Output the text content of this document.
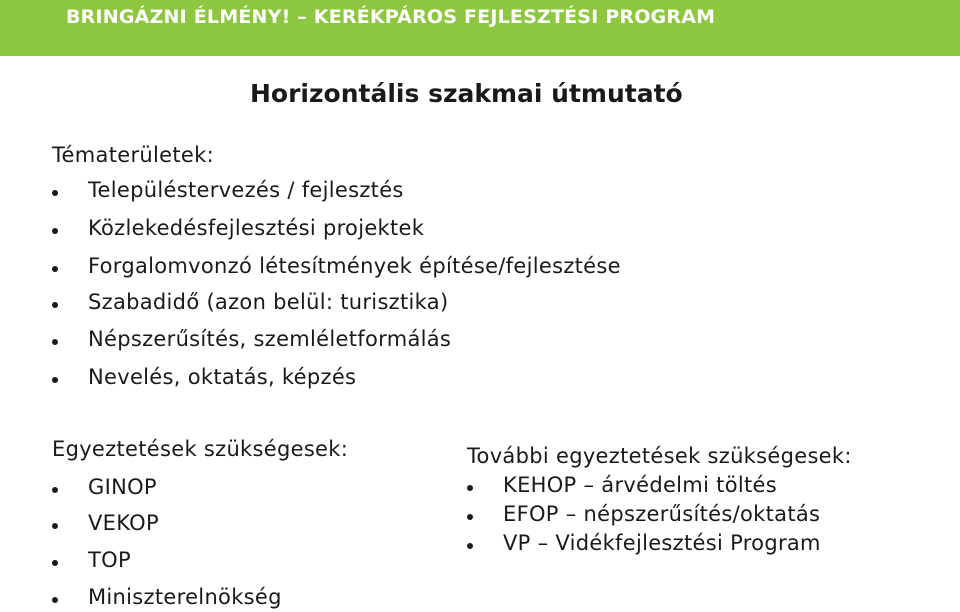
BRINGÁZNI ÉLMÉNY! – KERÉKPÁROS FEJLESZTÉSI PROGRAM
Horizontális szakmai útmutató
Tématerületek:
Településtervezés / fejlesztés
Közlekedésfejlesztési projektek
Forgalomvonzó létesítmények építése/fejlesztése
Szabadidő (azon belül: turisztika)
Népszerűsítés, szemléletformálás
Nevelés, oktatás, képzés
Egyeztetések szükségesek:
GINOP
VEKOP
TOP
Miniszterelnökség
További egyeztetések szükségesek:
KEHOP – árvédelmi töltés
EFOP – népszerűsítés/oktatás
VP – Vidékfejlesztési Program
